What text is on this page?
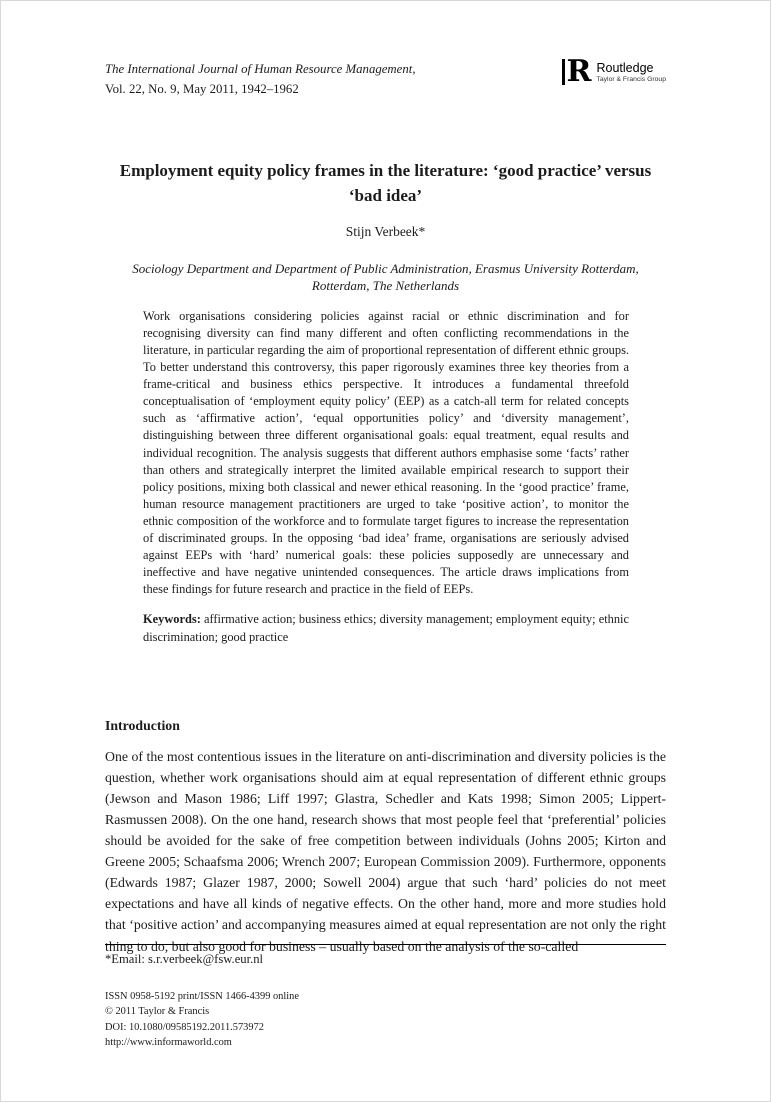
The International Journal of Human Resource Management,
Vol. 22, No. 9, May 2011, 1942–1962	R Routledge
Taylor & Francis Group
Employment equity policy frames in the literature: ‘good practice’ versus ‘bad idea’
Stijn Verbeek*
Sociology Department and Department of Public Administration, Erasmus University Rotterdam, Rotterdam, The Netherlands
Work organisations considering policies against racial or ethnic discrimination and for recognising diversity can find many different and often conflicting recommendations in the literature, in particular regarding the aim of proportional representation of different ethnic groups. To better understand this controversy, this paper rigorously examines three key theories from a frame-critical and business ethics perspective. It introduces a fundamental threefold conceptualisation of ‘employment equity policy’ (EEP) as a catch-all term for related concepts such as ‘affirmative action’, ‘equal opportunities policy’ and ‘diversity management’, distinguishing between three different organisational goals: equal treatment, equal results and individual recognition. The analysis suggests that different authors emphasise some ‘facts’ rather than others and strategically interpret the limited available empirical research to support their policy positions, mixing both classical and newer ethical reasoning. In the ‘good practice’ frame, human resource management practitioners are urged to take ‘positive action’, to monitor the ethnic composition of the workforce and to formulate target figures to increase the representation of discriminated groups. In the opposing ‘bad idea’ frame, organisations are seriously advised against EEPs with ‘hard’ numerical goals: these policies supposedly are unnecessary and ineffective and have negative unintended consequences. The article draws implications from these findings for future research and practice in the field of EEPs.
Keywords: affirmative action; business ethics; diversity management; employment equity; ethnic discrimination; good practice
Introduction

One of the most contentious issues in the literature on anti-discrimination and diversity policies is the question, whether work organisations should aim at equal representation of different ethnic groups (Jewson and Mason 1986; Liff 1997; Glastra, Schedler and Kats 1998; Simon 2005; Lippert-Rasmussen 2008). On the one hand, research shows that most people feel that ‘preferential’ policies should be avoided for the sake of free competition between individuals (Johns 2005; Kirton and Greene 2005; Schaafsma 2006; Wrench 2007; European Commission 2009). Furthermore, opponents (Edwards 1987; Glazer 1987, 2000; Sowell 2004) argue that such ‘hard’ policies do not meet expectations and have all kinds of negative effects. On the other hand, more and more studies hold that ‘positive action’ and accompanying measures aimed at equal representation are not only the right thing to do, but also good for business – usually based on the analysis of the so-called

*Email: s.r.verbeek@fsw.eur.nl
ISSN 0958-5192 print/ISSN 1466-4399 online
© 2011 Taylor & Francis
DOI: 10.1080/09585192.2011.573972
http://www.informaworld.com
